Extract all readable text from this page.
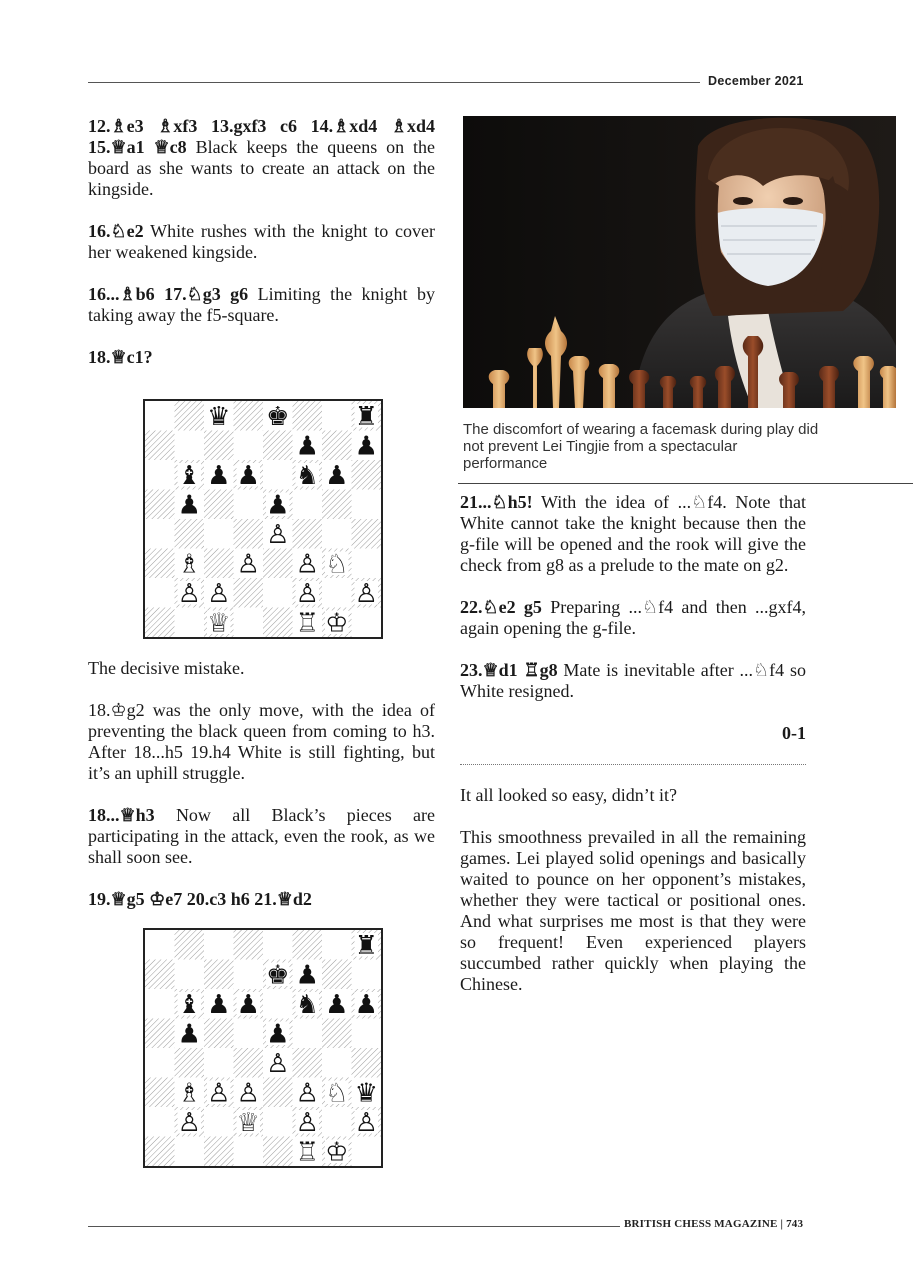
December 2021

12.♗e3 ♗xf3 13.gxf3 c6 14.♗xd4 ♗xd4 15.♕a1 ♕c8 Black keeps the queens on the board as she wants to create an attack on the kingside.

16.♘e2 White rushes with the knight to cover her weakened kingside.

16...♗b6 17.♘g3 g6 Limiting the knight by taking away the f5-square.

18.♕c1?

♛ ♚	♜
♟ ♟
♝ ♟ ♟ ♞ ♟
♟	♟
♙
♗ ♙ ♙ ♘
♙ ♙	♙ ♙
♕	♖ ♔

The decisive mistake.

18.♔g2 was the only move, with the idea of preventing the black queen from coming to h3. After 18...h5 19.h4 White is still fighting, but it’s an uphill struggle.

18...♕h3 Now all Black’s pieces are participating in the attack, even the rook, as we shall soon see.

19.♕g5 ♔e7 20.c3 h6 21.♕d2

♜
♚ ♟
♝ ♟ ♟ ♞ ♟ ♟
♟	♟
♙
♗ ♙ ♙ ♙ ♘ ♛
♙ ♕ ♙ ♙
♖ ♔
The discomfort of wearing a facemask during play did not prevent Lei Tingjie from a spectacular performance

21...♘h5! With the idea of ...♘f4. Note that White cannot take the knight because then the g-file will be opened and the rook will give the check from g8 as a prelude to the mate on g2.

22.♘e2 g5 Preparing ...♘f4 and then ...gxf4, again opening the g-file.

23.♕d1 ♖g8 Mate is inevitable after ...♘f4 so White resigned.

0-1

It all looked so easy, didn’t it?

This smoothness prevailed in all the remaining games. Lei played solid openings and basically waited to pounce on her opponent’s mistakes, whether they were tactical or positional ones. And what surprises me most is that they were so frequent! Even experienced players succumbed rather quickly when playing the Chinese.

BRITISH CHESS MAGAZINE | 743
